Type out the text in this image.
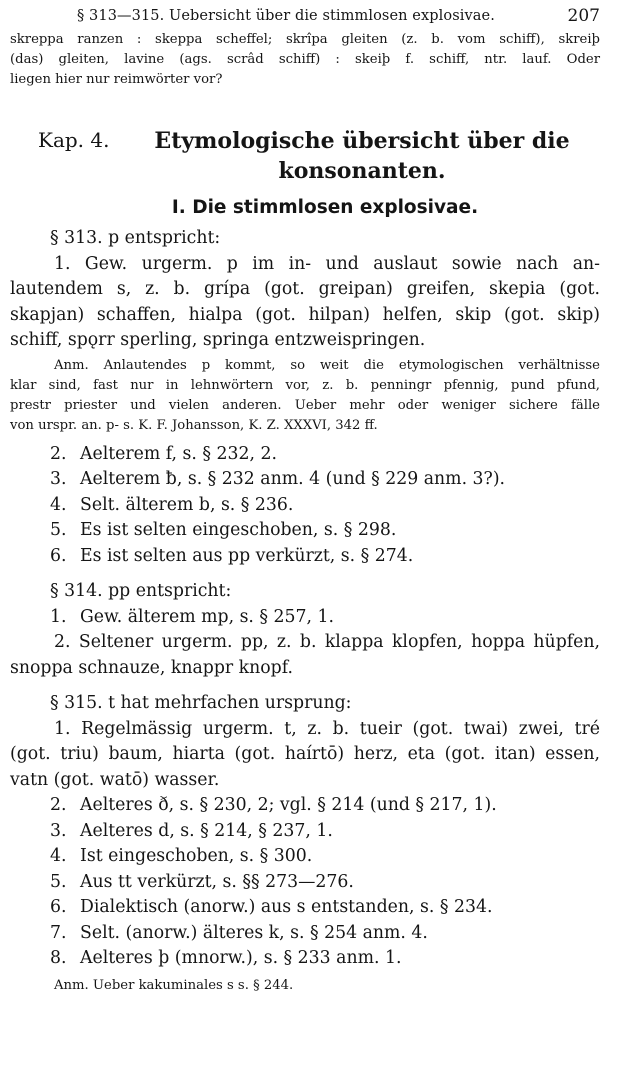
§ 313—315. Uebersicht über die stimmlosen explosivae.	207
skreppa ranzen : skeppa scheffel; skrîpa gleiten (z. b. vom schiff), skreiþ
(das) gleiten, lavine (ags. scrâd schiff) : skeiþ f. schiff, ntr. lauf. Oder
liegen hier nur reimwörter vor?
Kap. 4.	Etymologische übersicht über die
konsonanten.
I. Die stimmlosen explosivae.
§ 313. p entspricht:
1. Gew. urgerm. p im in- und auslaut sowie nach an-
lautendem s, z. b. grípa (got. greipan) greifen, skepia (got.
skapjan) schaffen, hialpa (got. hilpan) helfen, skip (got. skip)
schiff, spǫrr sperling, springa entzweispringen.
Anm. Anlautendes p kommt, so weit die etymologischen verhältnisse
klar sind, fast nur in lehnwörtern vor, z. b. penningr pfennig, pund pfund,
prestr priester und vielen anderen. Ueber mehr oder weniger sichere fälle
von urspr. an. p- s. K. F. Johansson, K. Z. XXXVI, 342 ff.
2. Aelterem f, s. § 232, 2.
3. Aelterem ƀ, s. § 232 anm. 4 (und § 229 anm. 3?).
4. Selt. älterem b, s. § 236.
5. Es ist selten eingeschoben, s. § 298.
6. Es ist selten aus pp verkürzt, s. § 274.
§ 314. pp entspricht:
1. Gew. älterem mp, s. § 257, 1.
2. Seltener urgerm. pp, z. b. klappa klopfen, hoppa hüpfen,
snoppa schnauze, knappr knopf.
§ 315. t hat mehrfachen ursprung:
1. Regelmässig urgerm. t, z. b. tueir (got. twai) zwei, tré
(got. triu) baum, hiarta (got. haírtō) herz, eta (got. itan) essen,
vatn (got. watō) wasser.
2. Aelteres ð, s. § 230, 2; vgl. § 214 (und § 217, 1).
3. Aelteres d, s. § 214, § 237, 1.
4. Ist eingeschoben, s. § 300.
5. Aus tt verkürzt, s. §§ 273—276.
6. Dialektisch (anorw.) aus s entstanden, s. § 234.
7. Selt. (anorw.) älteres k, s. § 254 anm. 4.
8. Aelteres þ (mnorw.), s. § 233 anm. 1.
Anm. Ueber kakuminales s s. § 244.
